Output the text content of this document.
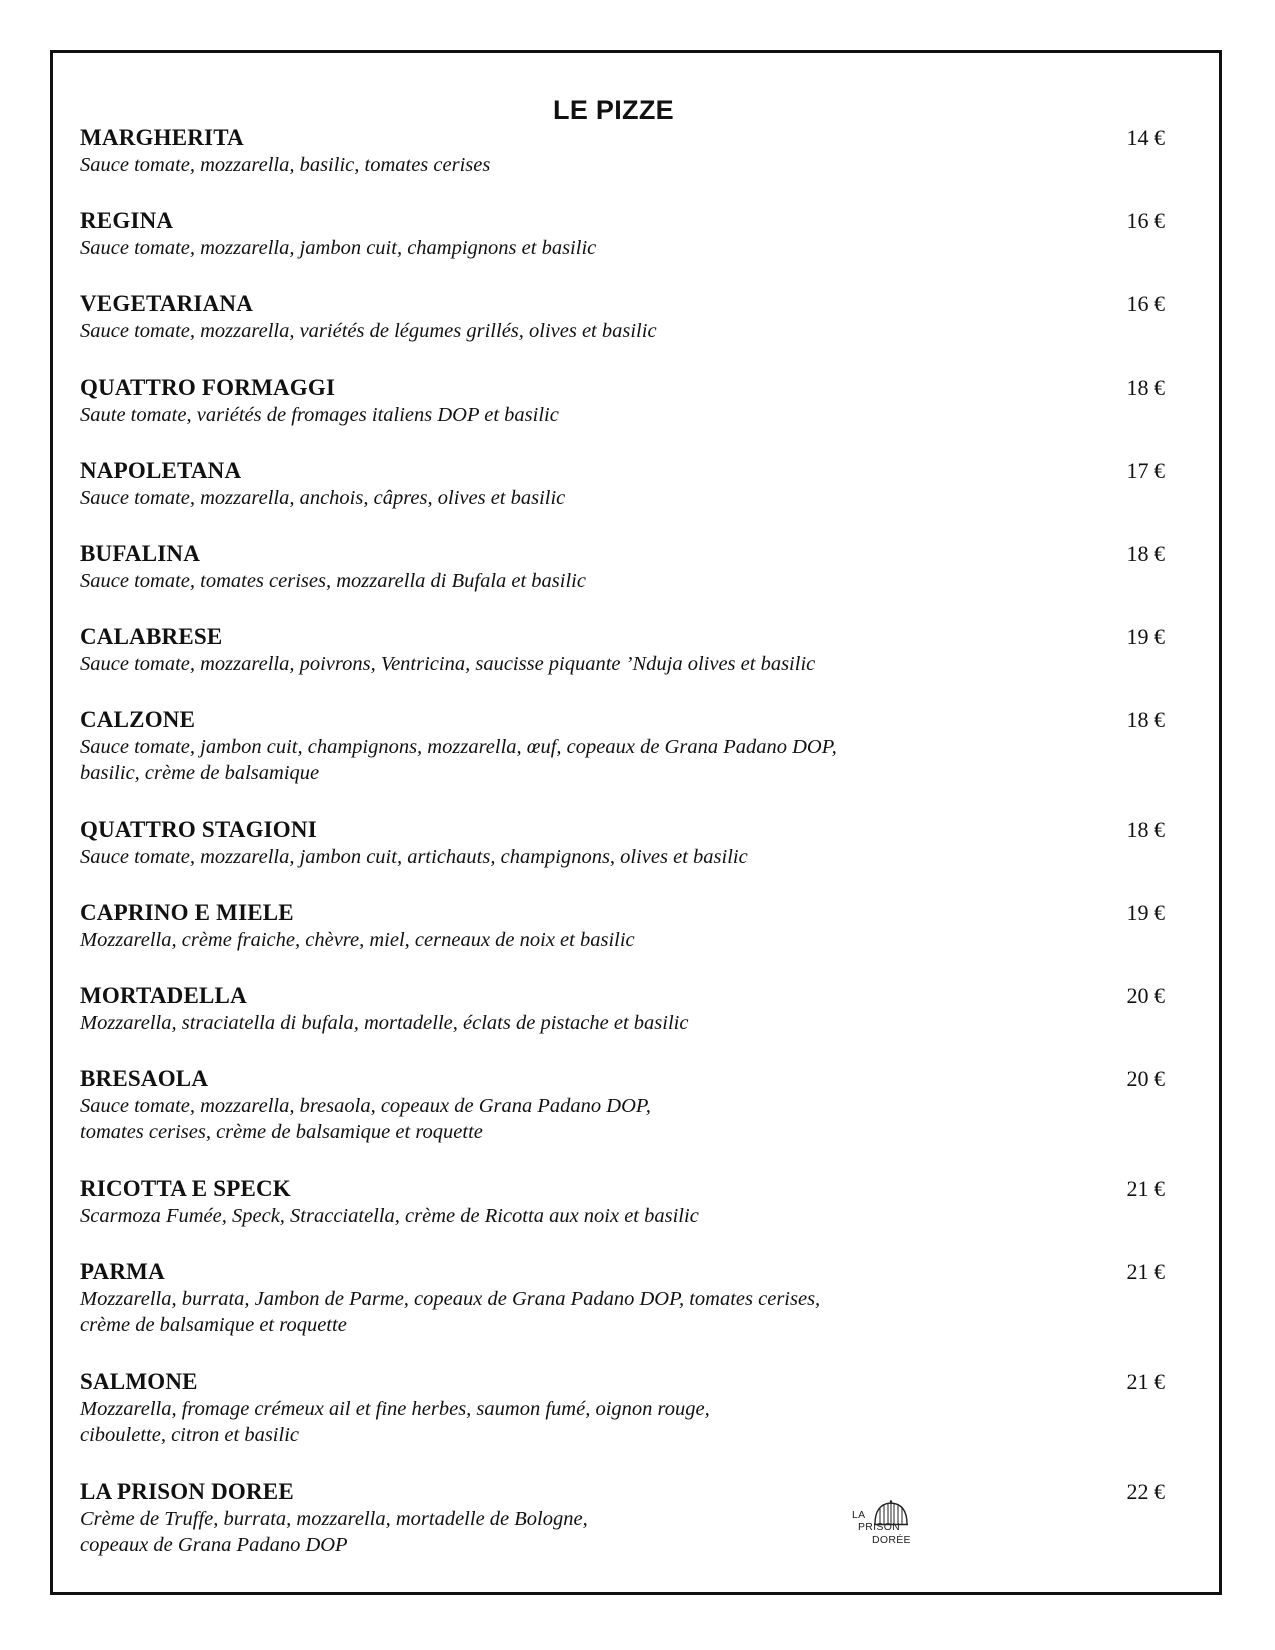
LE PIZZE
MARGHERITA	14 €
Sauce tomate, mozzarella, basilic, tomates cerises
REGINA	16 €
Sauce tomate, mozzarella, jambon cuit, champignons et basilic
VEGETARIANA	16 €
Sauce tomate, mozzarella, variétés de légumes grillés, olives et basilic
QUATTRO FORMAGGI	18 €
Saute tomate, variétés de fromages italiens DOP et basilic
NAPOLETANA	17 €
Sauce tomate, mozzarella, anchois, câpres, olives et basilic
BUFALINA	18 €
Sauce tomate, tomates cerises, mozzarella di Bufala et basilic
CALABRESE	19 €
Sauce tomate, mozzarella, poivrons, Ventricina, saucisse piquante ’Nduja olives et basilic
CALZONE	18 €
Sauce tomate, jambon cuit, champignons, mozzarella, œuf, copeaux de Grana Padano DOP,
basilic, crème de balsamique
QUATTRO STAGIONI	18 €
Sauce tomate, mozzarella, jambon cuit, artichauts, champignons, olives et basilic
CAPRINO E MIELE	19 €
Mozzarella, crème fraiche, chèvre, miel, cerneaux de noix et basilic
MORTADELLA	20 €
Mozzarella, straciatella di bufala, mortadelle, éclats de pistache et basilic
BRESAOLA	20 €
Sauce tomate, mozzarella, bresaola, copeaux de Grana Padano DOP,
tomates cerises, crème de balsamique et roquette
RICOTTA E SPECK	21 €
Scarmoza Fumée, Speck, Stracciatella, crème de Ricotta aux noix et basilic
PARMA	21 €
Mozzarella, burrata, Jambon de Parme, copeaux de Grana Padano DOP, tomates cerises,
crème de balsamique et roquette
SALMONE	21 €
Mozzarella, fromage crémeux ail et fine herbes, saumon fumé, oignon rouge,
ciboulette, citron et basilic
LA PRISON DOREE	22 €
Crème de Truffe, burrata, mozzarella, mortadelle de Bologne,
copeaux de Grana Padano DOP
LA
PRISON
DORÉE
